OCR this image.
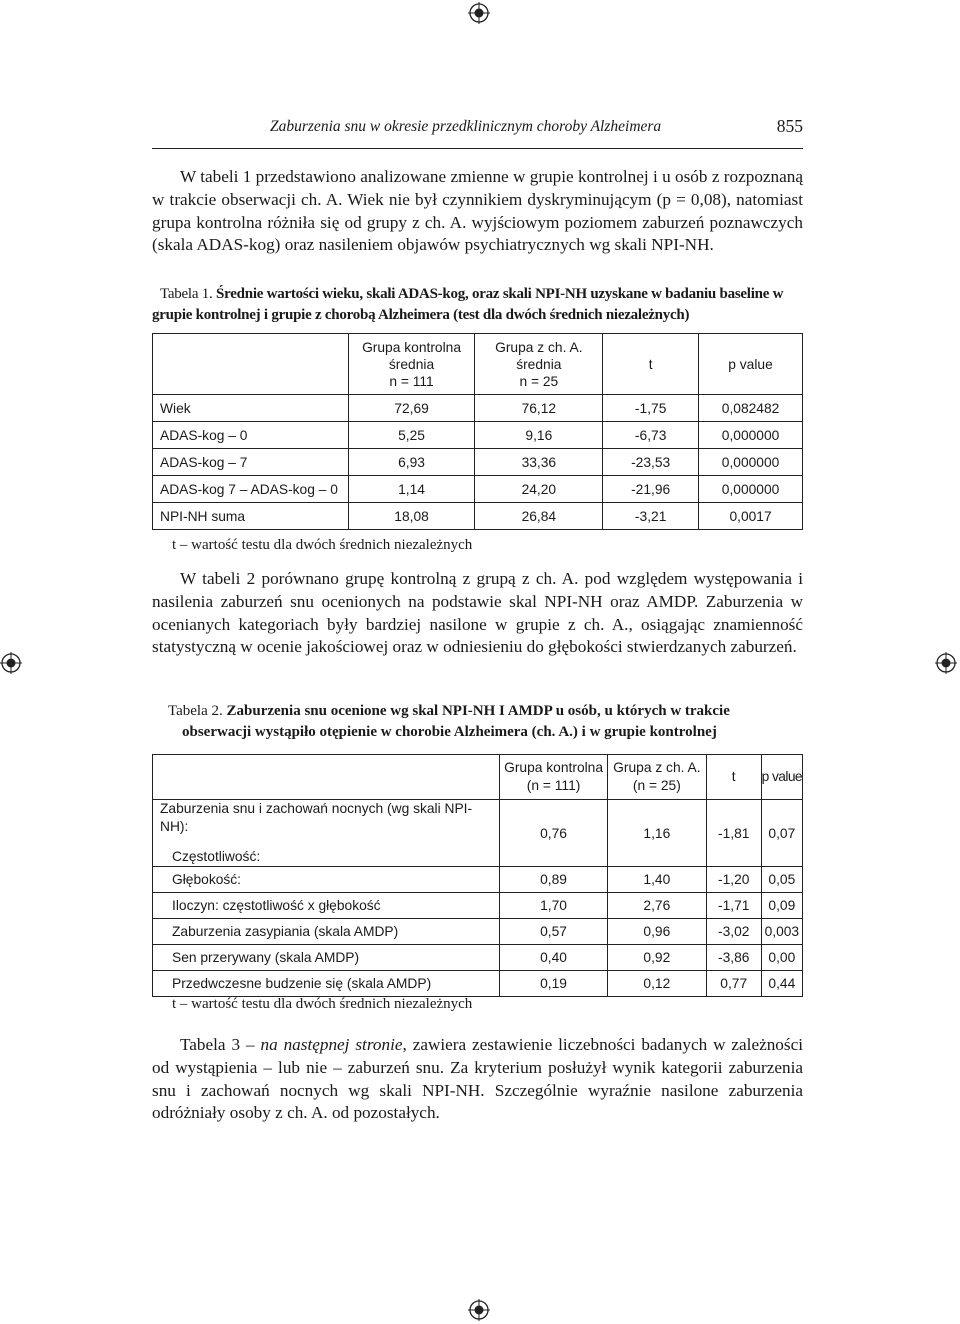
Zaburzenia snu w okresie przedklinicznym choroby Alzheimera	855

W tabeli 1 przedstawiono analizowane zmienne w grupie kontrolnej i u osób z rozpoznaną w trakcie obserwacji ch. A. Wiek nie był czynnikiem dyskryminującym (p = 0,08), natomiast grupa kontrolna różniła się od grupy z ch. A. wyjściowym poziomem zaburzeń poznawczych (skala ADAS-kog) oraz nasileniem objawów psychiatrycznych wg skali NPI-NH.

Tabela 1. Średnie wartości wieku, skali ADAS-kog, oraz skali NPI-NH uzyskane w badaniu baseline w grupie kontrolnej i grupie z chorobą Alzheimera (test dla dwóch średnich niezależnych)

	Grupa kontrolna
średnia
n = 111	Grupa z ch. A.
średnia
n = 25	t	p value
Wiek	72,69	76,12	-1,75	0,082482
ADAS-kog – 0	5,25	9,16	-6,73	0,000000
ADAS-kog – 7	6,93	33,36	-23,53	0,000000
ADAS-kog 7 – ADAS-kog – 0	1,14	24,20	-21,96	0,000000
NPI-NH suma	18,08	26,84	-3,21	0,0017
t – wartość testu dla dwóch średnich niezależnych

W tabeli 2 porównano grupę kontrolną z grupą z ch. A. pod względem występowania i nasilenia zaburzeń snu ocenionych na podstawie skal NPI-NH oraz AMDP. Zaburzenia w ocenianych kategoriach były bardziej nasilone w grupie z ch. A., osiągając znamienność statystyczną w ocenie jakościowej oraz w odniesieniu do głębokości stwierdzanych zaburzeń.

Tabela 2. Zaburzenia snu ocenione wg skal NPI-NH I AMDP u osób, u których w trakcie
obserwacji wystąpiło otępienie w chorobie Alzheimera (ch. A.) i w grupie kontrolnej

	Grupa kontrolna
(n = 111)	Grupa z ch. A.
(n = 25)	t	p value

Zaburzenia snu i zachowań nocnych (wg skali NPI-NH):
Częstotliwość:	0,76	1,16	-1,81	0,07
Głębokość:	0,89	1,40	-1,20	0,05
Iloczyn: częstotliwość x głębokość	1,70	2,76	-1,71	0,09
Zaburzenia zasypiania (skala AMDP)	0,57	0,96	-3,02	0,003
Sen przerywany (skala AMDP)	0,40	0,92	-3,86	0,00
Przedwczesne budzenie się (skala AMDP)	0,19	0,12	0,77	0,44
t – wartość testu dla dwóch średnich niezależnych

Tabela 3 – na następnej stronie, zawiera zestawienie liczebności badanych w zależności od wystąpienia – lub nie – zaburzeń snu. Za kryterium posłużył wynik kategorii zaburzenia snu i zachowań nocnych wg skali NPI-NH. Szczególnie wyraźnie nasilone zaburzenia odróżniały osoby z ch. A. od pozostałych.
